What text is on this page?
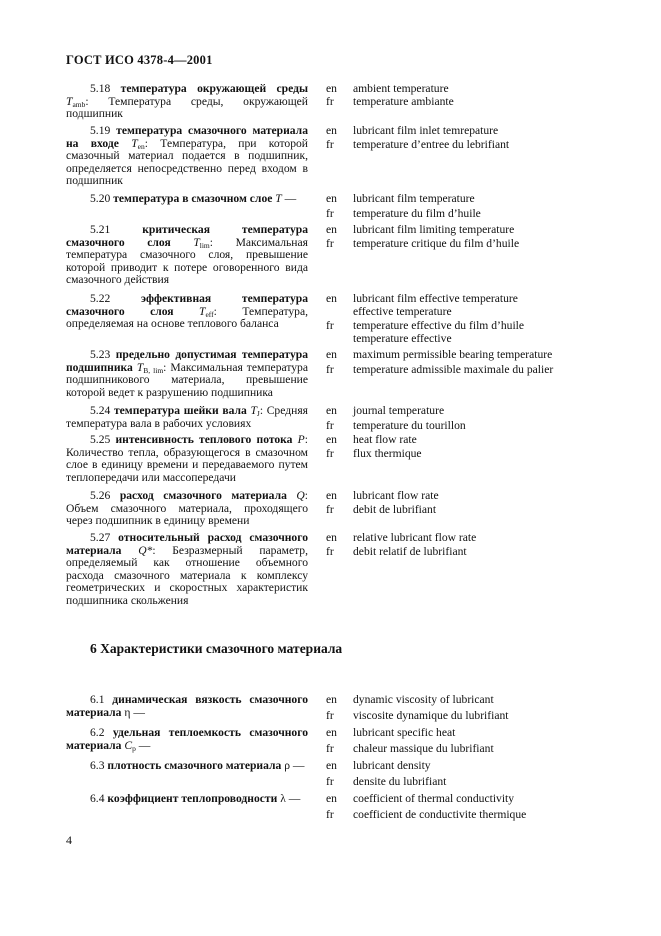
ГОСТ ИСО 4378-4—2001
5.18 температура окружающей среды $T_{amb}$: Температура среды, окружающей подшипник
en	ambient temperature
fr	temperature ambiante
5.19 температура смазочного материала на входе $T_{en}$: Температура, при которой смазочный материал подается в подшипник, определяется непосредственно перед входом в подшипник
en	lubricant film inlet temrepature
fr	temperature d’entree du lebrifiant
5.20 температура в смазочном слое T —	en	lubricant film temperature
fr	temperature du film d’huile
5.21	критическая температура смазочного слоя $T_{lim}$: Максимальная температура смазочного слоя, превышение которой приводит к потере оговоренного вида смазочного действия
en	lubricant film limiting temperature
fr	temperature critique du film d’huile
5.22	эффективная температура смазочного слоя $T_{eff}$: Температура, определяемая на основе теплового баланса
en	lubricant film effective temperature
effective temperature
fr	temperature effective du film d’huile
temperature effective
5.23 предельно допустимая температура подшипника $T_{B, lim}$: Максимальная температура подшипникового материала, превышение которой ведет к разрушению подшипника
en	maximum permissible bearing temperature
fr	temperature admissible maximale du palier
5.24 температура шейки вала $T_J$: Средняя температура вала в рабочих условиях
en	journal temperature
fr	temperature du tourillon
5.25 интенсивность теплового потока P: Количество тепла, образующегося в смазочном слое в единицу времени и передаваемого путем теплопередачи или массопередачи
en	heat flow rate
fr	flux thermique
5.26 расход смазочного материала Q: Объем смазочного материала, проходящего через подшипник в единицу времени
en	lubricant flow rate
fr	debit de lubrifiant
5.27 относительный расход смазочного материала Q*: Безразмерный параметр, определяемый как отношение объемного расхода смазочного материала к комплексу геометрических и скоростных характеристик подшипника скольжения
en	relative lubricant flow rate
fr	debit relatif de lubrifiant
6 Характеристики смазочного материала
6.1 динамическая вязкость смазочного материала η —
en	dynamic viscosity of lubricant
fr	viscosite dynamique du lubrifiant
6.2 удельная теплоемкость смазочного материала $C_p$ —
en	lubricant specific heat
fr	chaleur massique du lubrifiant
6.3 плотность смазочного материала ρ —	en	lubricant density
fr	densite du lubrifiant
6.4 коэффициент теплопроводности λ —	en	coefficient of thermal conductivity
fr	coefficient de conductivite thermique
4
